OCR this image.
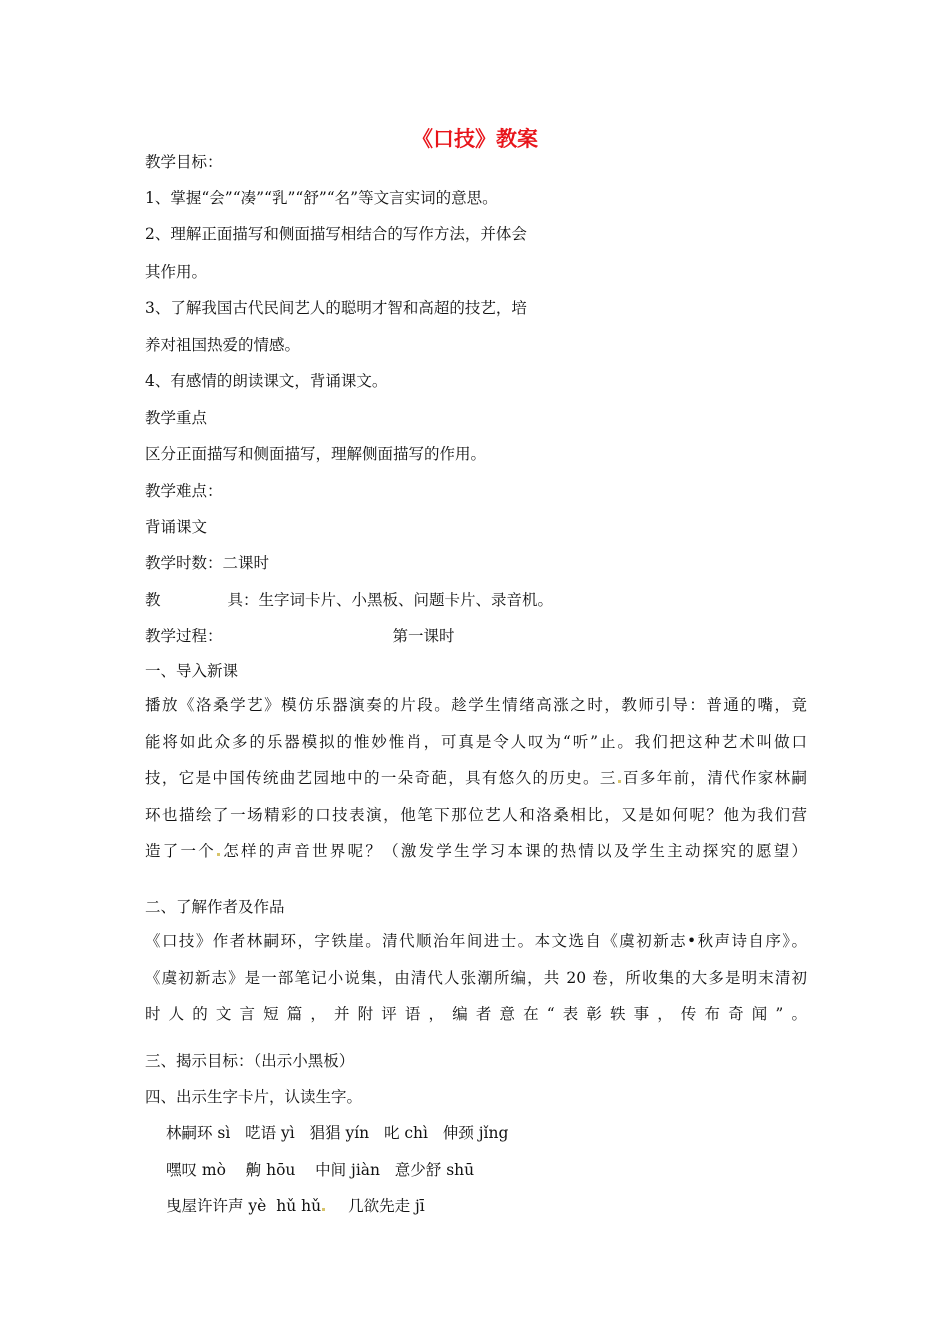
《口技》教案
教学目标：
1、掌握“会”“凑”“乳”“舒”“名”等文言实词的意思。
2、理解正面描写和侧面描写相结合的写作方法，并体会
其作用。
3、了解我国古代民间艺人的聪明才智和高超的技艺，培
养对祖国热爱的情感。
4、有感情的朗读课文，背诵课文。
教学重点
区分正面描写和侧面描写，理解侧面描写的作用。
教学难点：
背诵课文
教学时数：二课时
教	具：生字词卡片、小黑板、问题卡片、录音机。
教学过程：	第一课时
一、导入新课
播放《洛桑学艺》模仿乐器演奏的片段。趁学生情绪高涨之时，教师引导：普通的嘴，竟
能将如此众多的乐器模拟的惟妙惟肖，可真是令人叹为“听”止。我们把这种艺术叫做口
技，它是中国传统曲艺园地中的一朵奇葩，具有悠久的历史。三 百多年前，清代作家林嗣
环也描绘了一场精彩的口技表演，他笔下那位艺人和洛桑相比，又是如何呢？他为我们营
造了一个 怎样的声音世界呢？（激发学生学习本课的热情以及学生主动探究的愿望）
二、了解作者及作品
《口技》作者林嗣环，字铁崖。清代顺治年间进士。本文选自《虞初新志•秋声诗自序》。
《虞初新志》是一部笔记小说集，由清代人张潮所编，共 20 卷，所收集的大多是明末清初
时人的文言短篇，并附评语，编者意在“表彰轶事，传布奇闻”。
三、揭示目标：（出示小黑板）
四、出示生字卡片，认读生字。
林嗣环 sì   呓语 yì   猖猖 yín   叱 chì   伸颈 jǐng
嘿叹 mò    齁 hōu    中间 jiàn   意少舒 shū
曳屋许许声 yè  hǔ hǔ 几欲先走 jī
